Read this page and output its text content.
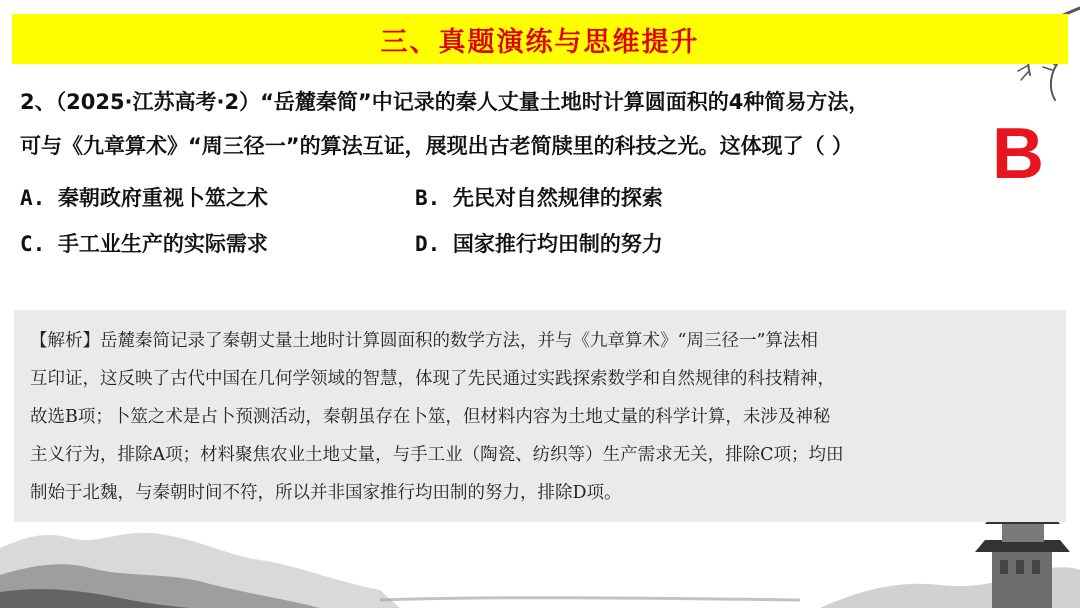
三、真题演练与思维提升
2、（2025·江苏高考·2）“岳麓秦简”中记录的秦人丈量土地时计算圆面积的4种简易方法，
可与《九章算术》“周三径一”的算法互证，展现出古老简牍里的科技之光。这体现了（ ）	B
A. 秦朝政府重视卜筮之术	B. 先民对自然规律的探索
C. 手工业生产的实际需求	D. 国家推行均田制的努力
【解析】岳麓秦简记录了秦朝丈量土地时计算圆面积的数学方法，并与《九章算术》“周三径一”算法相
互印证，这反映了古代中国在几何学领域的智慧，体现了先民通过实践探索数学和自然规律的科技精神，
故选B项；卜筮之术是占卜预测活动，秦朝虽存在卜筮，但材料内容为土地丈量的科学计算，未涉及神秘
主义行为，排除A项；材料聚焦农业土地丈量，与手工业（陶瓷、纺织等）生产需求无关，排除C项；均田
制始于北魏，与秦朝时间不符，所以并非国家推行均田制的努力，排除D项。
